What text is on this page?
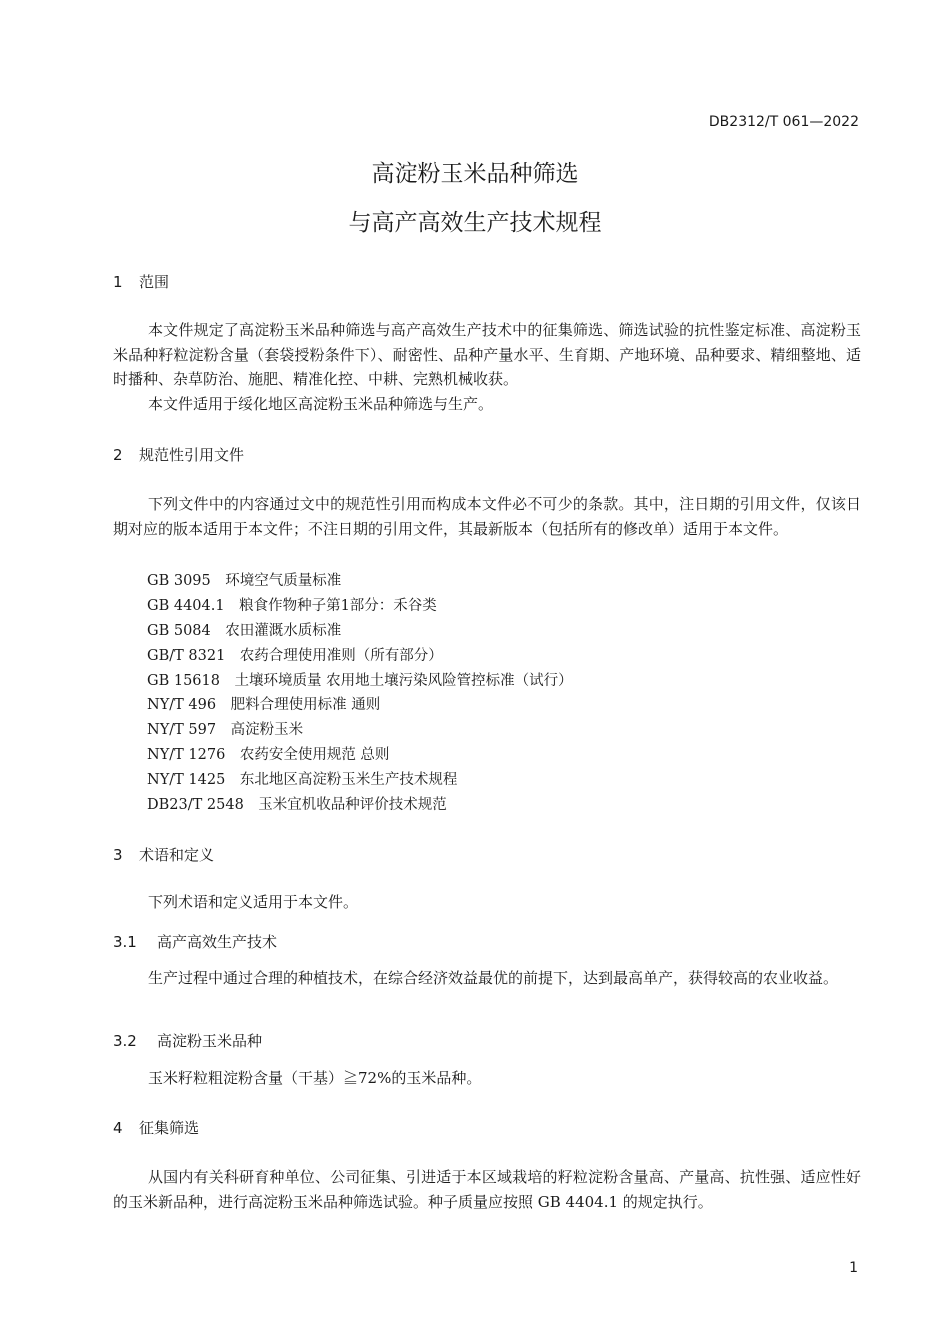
DB2312/T 061—2022
高淀粉玉米品种筛选
与高产高效生产技术规程
1 范围

本文件规定了高淀粉玉米品种筛选与高产高效生产技术中的征集筛选、筛选试验的抗性鉴定标准、高淀粉玉米品种籽粒淀粉含量（套袋授粉条件下）、耐密性、品种产量水平、生育期、产地环境、品种要求、精细整地、适时播种、杂草防治、施肥、精准化控、中耕、完熟机械收获。

本文件适用于绥化地区高淀粉玉米品种筛选与生产。

2 规范性引用文件

下列文件中的内容通过文中的规范性引用而构成本文件必不可少的条款。其中，注日期的引用文件，仅该日期对应的版本适用于本文件；不注日期的引用文件，其最新版本（包括所有的修改单）适用于本文件。

GB 3095　环境空气质量标准
GB 4404.1　粮食作物种子第1部分：禾谷类
GB 5084　农田灌溉水质标准
GB/T 8321　农药合理使用准则（所有部分）
GB 15618　土壤环境质量 农用地土壤污染风险管控标准（试行）
NY/T 496　肥料合理使用标准 通则
NY/T 597　高淀粉玉米
NY/T 1276　农药安全使用规范 总则
NY/T 1425　东北地区高淀粉玉米生产技术规程
DB23/T 2548　玉米宜机收品种评价技术规范
3 术语和定义

下列术语和定义适用于本文件。

3.1 高产高效生产技术

生产过程中通过合理的种植技术，在综合经济效益最优的前提下，达到最高单产，获得较高的农业收益。

3.2 高淀粉玉米品种

玉米籽粒粗淀粉含量（干基）≧72%的玉米品种。

4 征集筛选

从国内有关科研育种单位、公司征集、引进适于本区域栽培的籽粒淀粉含量高、产量高、抗性强、适应性好的玉米新品种，进行高淀粉玉米品种筛选试验。种子质量应按照 GB 4404.1 的规定执行。

1
